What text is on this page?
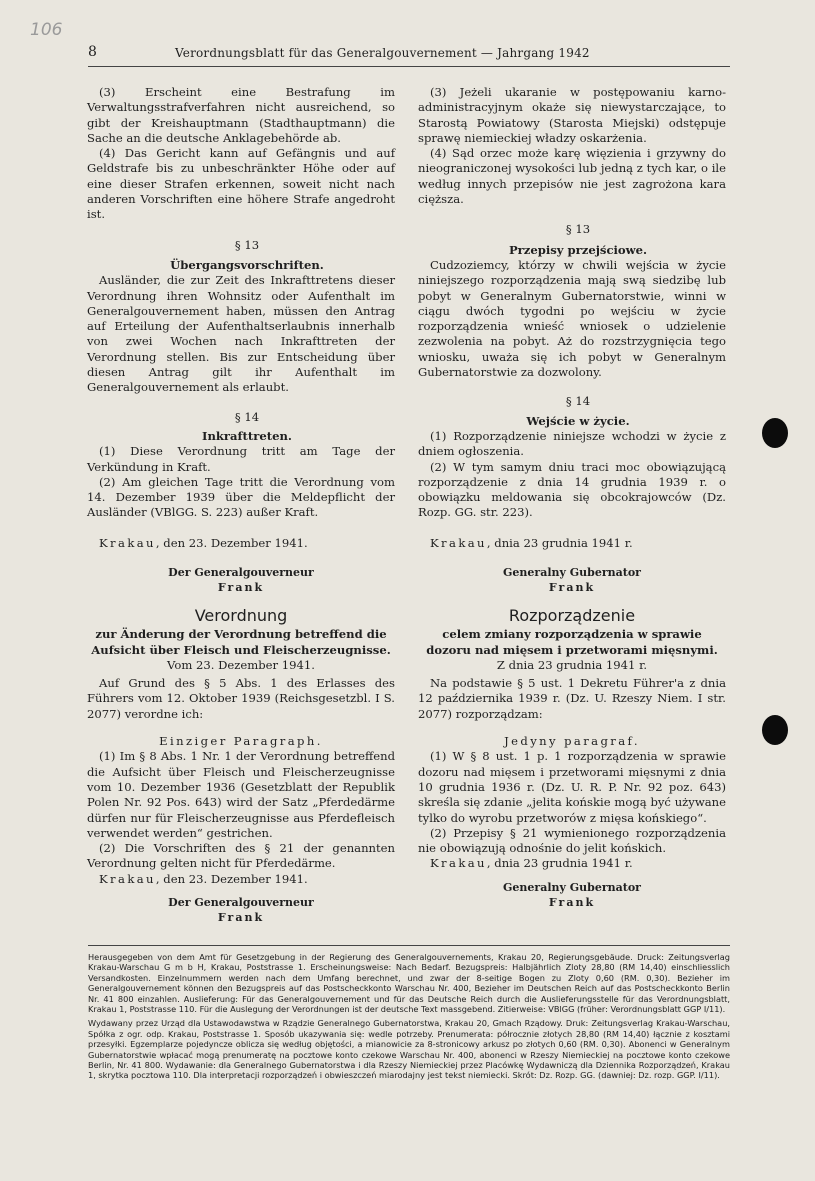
106
8	Verordnungsblatt für das Generalgouvernement — Jahrgang 1942

(3) Erscheint eine Bestrafung im Verwaltungsstrafverfahren nicht ausreichend, so gibt der Kreishauptmann (Stadthauptmann) die Sache an die deutsche Anklagebehörde ab.

(4) Das Gericht kann auf Gefängnis und auf Geldstrafe bis zu unbeschränkter Höhe oder auf eine dieser Strafen erkennen, soweit nicht nach anderen Vorschriften eine höhere Strafe angedroht ist.

§ 13

Übergangsvorschriften.

Ausländer, die zur Zeit des Inkrafttretens dieser Verordnung ihren Wohnsitz oder Aufenthalt im Generalgouvernement haben, müssen den Antrag auf Erteilung der Aufenthaltserlaubnis innerhalb von zwei Wochen nach Inkrafttreten der Verordnung stellen. Bis zur Entscheidung über diesen Antrag gilt ihr Aufenthalt im Generalgouvernement als erlaubt.

§ 14

Inkrafttreten.

(1) Diese Verordnung tritt am Tage der Verkündung in Kraft.

(2) Am gleichen Tage tritt die Verordnung vom 14. Dezember 1939 über die Meldepflicht der Ausländer (VBlGG. S. 223) außer Kraft.

Krakau, den 23. Dezember 1941.

Der Generalgouverneur
Frank

(3) Jeżeli ukaranie w postępowaniu karno-administracyjnym okaże się niewystarczające, to Starostą Powiatowy (Starosta Miejski) odstępuje sprawę niemieckiej władzy oskarżenia.

(4) Sąd orzec może karę więzienia i grzywny do nieograniczonej wysokości lub jedną z tych kar, o ile według innych przepisów nie jest zagrożona kara cięższa.

§ 13

Przepisy przejściowe.

Cudzoziemcy, którzy w chwili wejścia w życie niniejszego rozporządzenia mają swą siedzibę lub pobyt w Generalnym Gubernatorstwie, winni w ciągu dwóch tygodni po wejściu w życie rozporządzenia wnieść wniosek o udzielenie zezwolenia na pobyt. Aż do rozstrzygnięcia tego wniosku, uważa się ich pobyt w Generalnym Gubernatorstwie za dozwolony.

§ 14

Wejście w życie.

(1) Rozporządzenie niniejsze wchodzi w życie z dniem ogłoszenia.

(2) W tym samym dniu traci moc obowiązującą rozporządzenie z dnia 14 grudnia 1939 r. o obowiązku meldowania się obcokrajowców (Dz. Rozp. GG. str. 223).

Krakau, dnia 23 grudnia 1941 r.

Generalny Gubernator
Frank
Verordnung

zur Änderung der Verordnung betreffend die Aufsicht über Fleisch und Fleischerzeugnisse.

Vom 23. Dezember 1941.

Auf Grund des § 5 Abs. 1 des Erlasses des Führers vom 12. Oktober 1939 (Reichsgesetzbl. I S. 2077) verordne ich:

Einziger Paragraph.

(1) Im § 8 Abs. 1 Nr. 1 der Verordnung betreffend die Aufsicht über Fleisch und Fleischerzeugnisse vom 10. Dezember 1936 (Gesetzblatt der Republik Polen Nr. 92 Pos. 643) wird der Satz „Pferdedärme dürfen nur für Fleischerzeugnisse aus Pferdefleisch verwendet werden“ gestrichen.

(2) Die Vorschriften des § 21 der genannten Verordnung gelten nicht für Pferdedärme.

Krakau, den 23. Dezember 1941.

Der Generalgouverneur
Frank
Rozporządzenie

celem zmiany rozporządzenia w sprawie dozoru nad mięsem i przetworami mięsnymi.

Z dnia 23 grudnia 1941 r.

Na podstawie § 5 ust. 1 Dekretu Führer'a z dnia 12 października 1939 r. (Dz. U. Rzeszy Niem. I str. 2077) rozporządzam:

Jedyny paragraf.

(1) W § 8 ust. 1 p. 1 rozporządzenia w sprawie dozoru nad mięsem i przetworami mięsnymi z dnia 10 grudnia 1936 r. (Dz. U. R. P. Nr. 92 poz. 643) skreśla się zdanie „jelita końskie mogą być używane tylko do wyrobu przetworów z mięsa końskiego“.

(2) Przepisy § 21 wymienionego rozporządzenia nie obowiązują odnośnie do jelit końskich.

Krakau, dnia 23 grudnia 1941 r.

Generalny Gubernator
Frank

Herausgegeben von dem Amt für Gesetzgebung in der Regierung des Generalgouvernements, Krakau 20, Regierungsgebäude. Druck: Zeitungsverlag Krakau-Warschau G m b H, Krakau, Poststrasse 1. Erscheinungsweise: Nach Bedarf. Bezugspreis: Halbjährlich Zloty 28,80 (RM 14,40) einschliesslich Versandkosten. Einzelnummern werden nach dem Umfang berechnet, und zwar der 8-seitige Bogen zu Zloty 0,60 (RM. 0,30). Bezieher im Generalgouvernement können den Bezugspreis auf das Postscheckkonto Warschau Nr. 400, Bezieher im Deutschen Reich auf das Postscheckkonto Berlin Nr. 41 800 einzahlen. Auslieferung: Für das Generalgouvernement und für das Deutsche Reich durch die Auslieferungsstelle für das Verordnungsblatt, Krakau 1, Poststrasse 110. Für die Auslegung der Verordnungen ist der deutsche Text massgebend. Zitierweise: VBlGG (früher: Verordnungsblatt GGP I/11).

Wydawany przez Urząd dla Ustawodawstwa w Rządzie Generalnego Gubernatorstwa, Krakau 20, Gmach Rządowy. Druk: Zeitungsverlag Krakau-Warschau, Spółka z ogr. odp. Krakau, Poststrasse 1. Sposób ukazywania się: wedle potrzeby. Prenumerata: półrocznie złotych 28,80 (RM 14,40) łącznie z kosztami przesyłki. Egzemplarze pojedyncze oblicza się według objętości, a mianowicie za 8-stronicowy arkusz po złotych 0,60 (RM. 0,30). Abonenci w Generalnym Gubernatorstwie wpłacać mogą prenumeratę na pocztowe konto czekowe Warschau Nr. 400, abonenci w Rzeszy Niemieckiej na pocztowe konto czekowe Berlin, Nr. 41 800. Wydawanie: dla Generalnego Gubernatorstwa i dla Rzeszy Niemieckiej przez Placówkę Wydawniczą dla Dziennika Rozporządzeń, Krakau 1, skrytka pocztowa 110. Dla interpretacji rozporządzeń i obwieszczeń miarodajny jest tekst niemiecki. Skrót: Dz. Rozp. GG. (dawniej: Dz. rozp. GGP. I/11).
